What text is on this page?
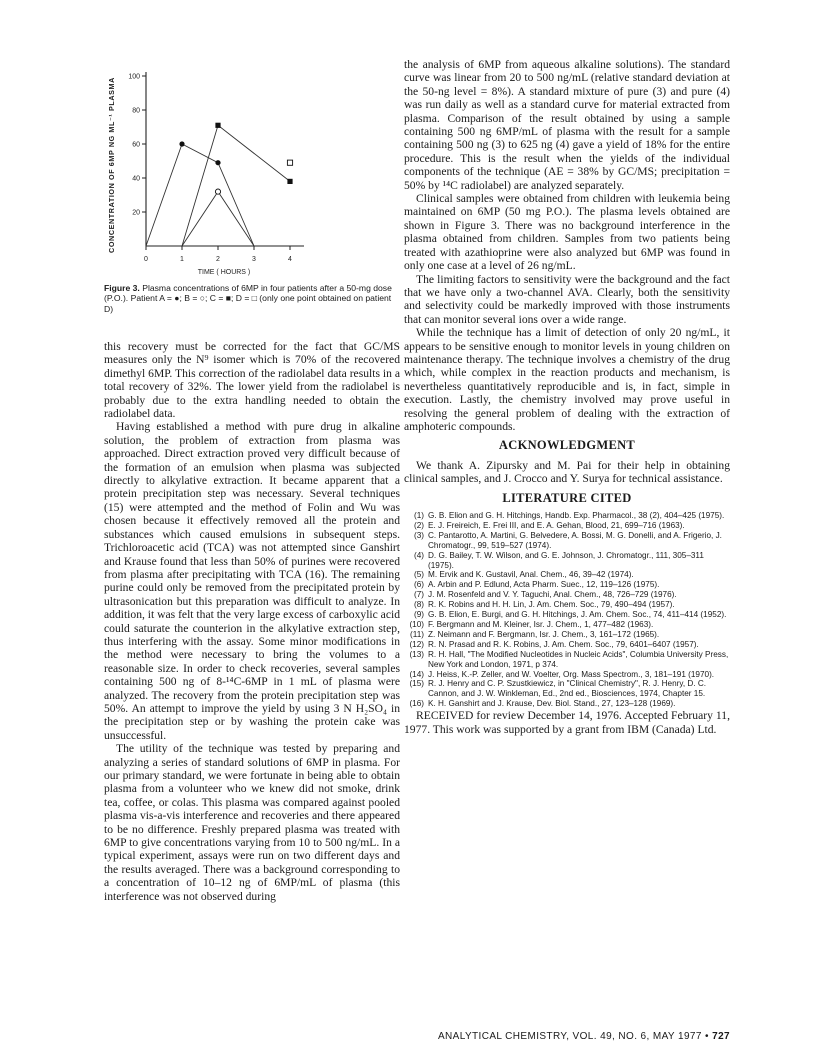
20
40
60
80
100
0	1	2	3	4
TIME ( HOURS )
CONCENTRATION OF 6MP NG ML⁻¹ PLASMA
Figure 3. Plasma concentrations of 6MP in four patients after a 50-mg dose (P.O.). Patient A = ●; B = ○; C = ■; D = □ (only one point obtained on patient D)

this recovery must be corrected for the fact that GC/MS measures only the N⁹ isomer which is 70% of the recovered dimethyl 6MP. This correction of the radiolabel data results in a total recovery of 32%. The lower yield from the radiolabel is probably due to the extra handling needed to obtain the radiolabel data.

Having established a method with pure drug in alkaline solution, the problem of extraction from plasma was approached. Direct extraction proved very difficult because of the formation of an emulsion when plasma was subjected directly to alkylative extraction. It became apparent that a protein precipitation step was necessary. Several techniques (15) were attempted and the method of Folin and Wu was chosen because it effectively removed all the protein and substances which caused emulsions in subsequent steps. Trichloroacetic acid (TCA) was not attempted since Ganshirt and Krause found that less than 50% of purines were recovered from plasma after precipitating with TCA (16). The remaining purine could only be removed from the precipitated protein by ultrasonication but this preparation was difficult to analyze. In addition, it was felt that the very large excess of carboxylic acid could saturate the counterion in the alkylative extraction step, thus interfering with the assay. Some minor modifications in the method were necessary to bring the volumes to a reasonable size. In order to check recoveries, several samples containing 500 ng of 8-¹⁴C-6MP in 1 mL of plasma were analyzed. The recovery from the protein precipitation step was 50%. An attempt to improve the yield by using 3 N H₂SO₄ in the precipitation step or by washing the protein cake was unsuccessful.

The utility of the technique was tested by preparing and analyzing a series of standard solutions of 6MP in plasma. For our primary standard, we were fortunate in being able to obtain plasma from a volunteer who we knew did not smoke, drink tea, coffee, or colas. This plasma was compared against pooled plasma vis-a-vis interference and recoveries and there appeared to be no difference. Freshly prepared plasma was treated with 6MP to give concentrations varying from 10 to 500 ng/mL. In a typical experiment, assays were run on two different days and the results averaged. There was a background corresponding to a concentration of 10–12 ng of 6MP/mL of plasma (this interference was not observed during

the analysis of 6MP from aqueous alkaline solutions). The standard curve was linear from 20 to 500 ng/mL (relative standard deviation at the 50-ng level = 8%). A standard mixture of pure (3) and pure (4) was run daily as well as a standard curve for material extracted from plasma. Comparison of the result obtained by using a sample containing 500 ng 6MP/mL of plasma with the result for a sample containing 500 ng (3) to 625 ng (4) gave a yield of 18% for the entire procedure. This is the result when the yields of the individual components of the technique (AE = 38% by GC/MS; precipitation = 50% by ¹⁴C radiolabel) are analyzed separately.

Clinical samples were obtained from children with leukemia being maintained on 6MP (50 mg P.O.). The plasma levels obtained are shown in Figure 3. There was no background interference in the plasma obtained from children. Samples from two patients being treated with azathioprine were also analyzed but 6MP was found in only one case at a level of 26 ng/mL.

The limiting factors to sensitivity were the background and the fact that we have only a two-channel AVA. Clearly, both the sensitivity and selectivity could be markedly improved with those instruments that can monitor several ions over a wide range.

While the technique has a limit of detection of only 20 ng/mL, it appears to be sensitive enough to monitor levels in young children on maintenance therapy. The technique involves a chemistry of the drug which, while complex in the reaction products and mechanism, is nevertheless quantitatively reproducible and is, in fact, simple in execution. Lastly, the chemistry involved may prove useful in resolving the general problem of dealing with the extraction of amphoteric compounds.

ACKNOWLEDGMENT

We thank A. Zipursky and M. Pai for their help in obtaining clinical samples, and J. Crocco and Y. Surya for technical assistance.

LITERATURE CITED
(1) G. B. Elion and G. H. Hitchings, Handb. Exp. Pharmacol., 38 (2), 404–425 (1975).
(2) E. J. Freireich, E. Frei III, and E. A. Gehan, Blood, 21, 699–716 (1963).
(3) C. Pantarotto, A. Martini, G. Belvedere, A. Bossi, M. G. Donelli, and A. Frigerio, J. Chromatogr., 99, 519–527 (1974).
(4) D. G. Bailey, T. W. Wilson, and G. E. Johnson, J. Chromatogr., 111, 305–311 (1975).
(5) M. Ervik and K. Gustavil, Anal. Chem., 46, 39–42 (1974).
(6) A. Arbin and P. Edlund, Acta Pharm. Suec., 12, 119–126 (1975).
(7) J. M. Rosenfeld and V. Y. Taguchi, Anal. Chem., 48, 726–729 (1976).
(8) R. K. Robins and H. H. Lin, J. Am. Chem. Soc., 79, 490–494 (1957).
(9) G. B. Elion, E. Burgi, and G. H. Hitchings, J. Am. Chem. Soc., 74, 411–414 (1952).
(10) F. Bergmann and M. Kleiner, Isr. J. Chem., 1, 477–482 (1963).
(11) Z. Neimann and F. Bergmann, Isr. J. Chem., 3, 161–172 (1965).
(12) R. N. Prasad and R. K. Robins, J. Am. Chem. Soc., 79, 6401–6407 (1957).
(13) R. H. Hall, "The Modified Nucleotides in Nucleic Acids", Columbia University Press, New York and London, 1971, p 374.
(14) J. Heiss, K.-P. Zeller, and W. Voelter, Org. Mass Spectrom., 3, 181–191 (1970).
(15) R. J. Henry and C. P. Szustkiewicz, in "Clinical Chemistry", R. J. Henry, D. C. Cannon, and J. W. Winkleman, Ed., 2nd ed., Biosciences, 1974, Chapter 15.
(16) K. H. Ganshirt and J. Krause, Dev. Biol. Stand., 27, 123–128 (1969).

RECEIVED for review December 14, 1976. Accepted February 11, 1977. This work was supported by a grant from IBM (Canada) Ltd.

ANALYTICAL CHEMISTRY, VOL. 49, NO. 6, MAY 1977 • 727
